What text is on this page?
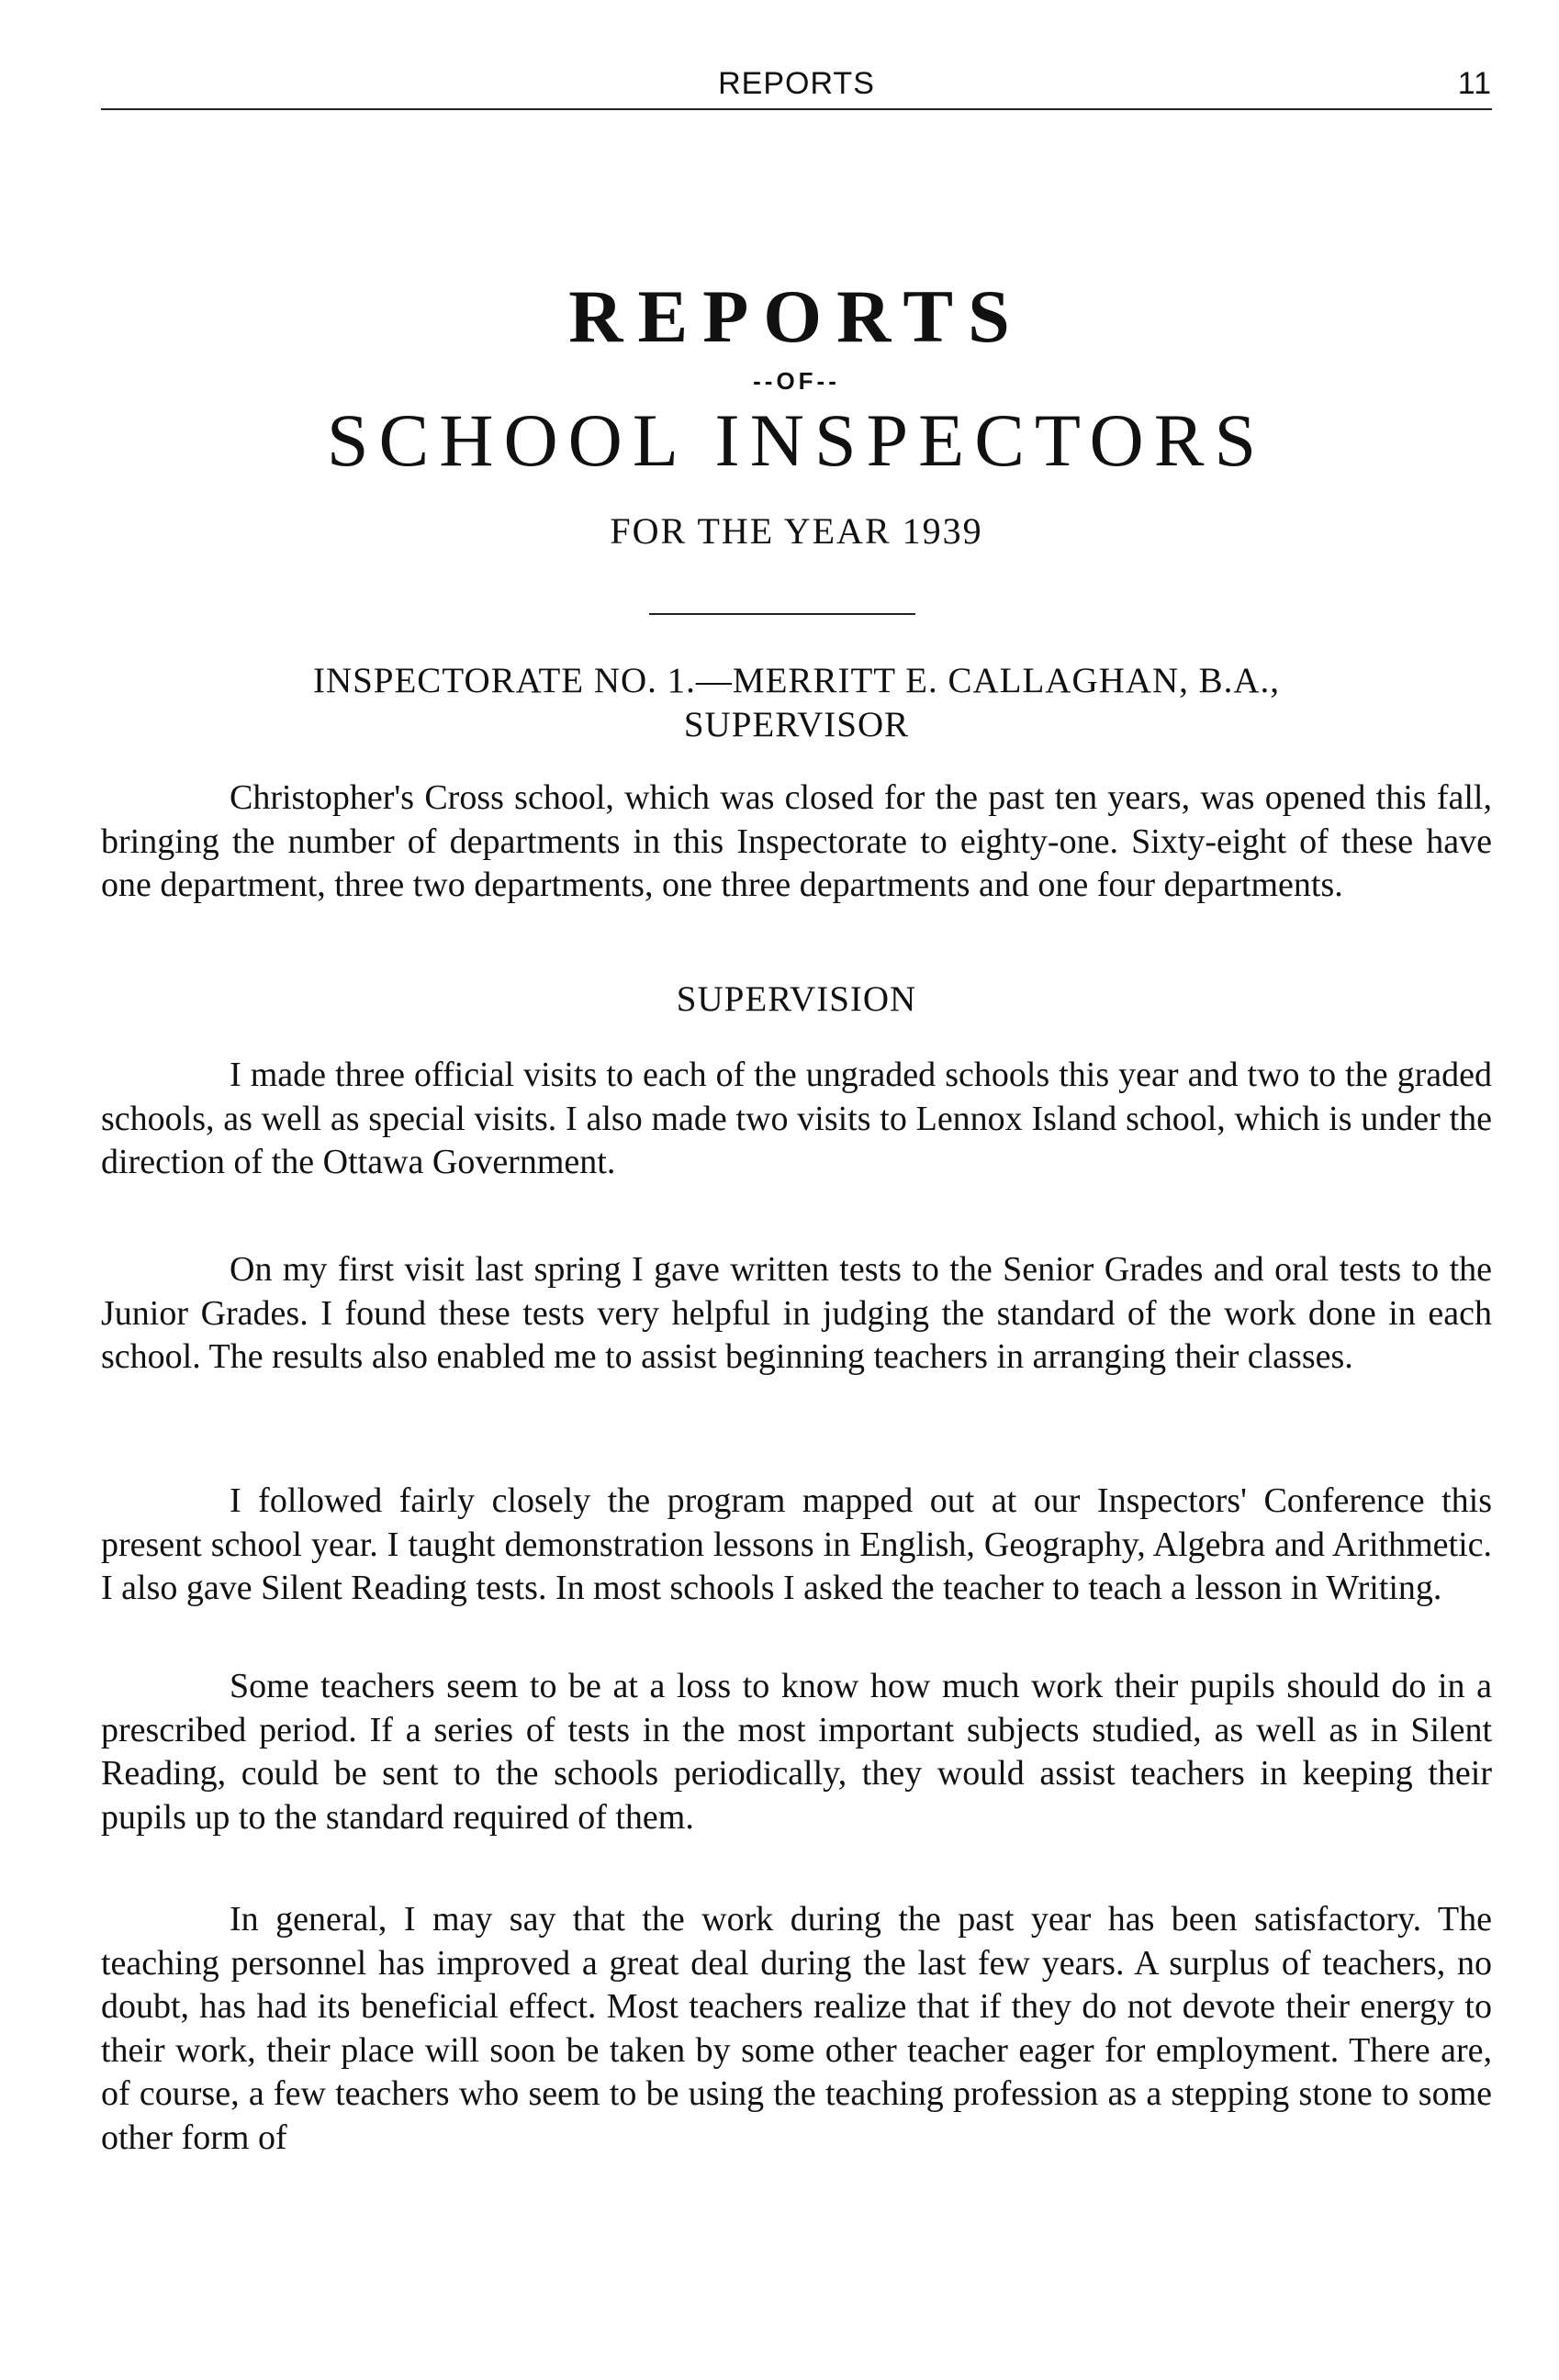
REPORTS	11
REPORTS
--OF--
SCHOOL INSPECTORS
FOR THE YEAR 1939
INSPECTORATE NO. 1.—MERRITT E. CALLAGHAN, B.A.,
SUPERVISOR

Christopher's Cross school, which was closed for the past ten years, was opened this fall, bringing the number of departments in this Inspectorate to eighty-one. Sixty-eight of these have one department, three two departments, one three departments and one four departments.

SUPERVISION

I made three official visits to each of the ungraded schools this year and two to the graded schools, as well as special visits. I also made two visits to Lennox Island school, which is under the direction of the Ottawa Government.

On my first visit last spring I gave written tests to the Senior Grades and oral tests to the Junior Grades. I found these tests very helpful in judging the standard of the work done in each school. The results also enabled me to assist beginning teachers in arranging their classes.

I followed fairly closely the program mapped out at our Inspectors' Conference this present school year. I taught demonstration lessons in English, Geography, Algebra and Arithmetic. I also gave Silent Reading tests. In most schools I asked the teacher to teach a lesson in Writing.

Some teachers seem to be at a loss to know how much work their pupils should do in a prescribed period. If a series of tests in the most important subjects studied, as well as in Silent Reading, could be sent to the schools periodically, they would assist teachers in keeping their pupils up to the standard required of them.

In general, I may say that the work during the past year has been satisfactory. The teaching personnel has improved a great deal during the last few years. A surplus of teachers, no doubt, has had its beneficial effect. Most teachers realize that if they do not devote their energy to their work, their place will soon be taken by some other teacher eager for employment. There are, of course, a few teachers who seem to be using the teaching profession as a stepping stone to some other form of
